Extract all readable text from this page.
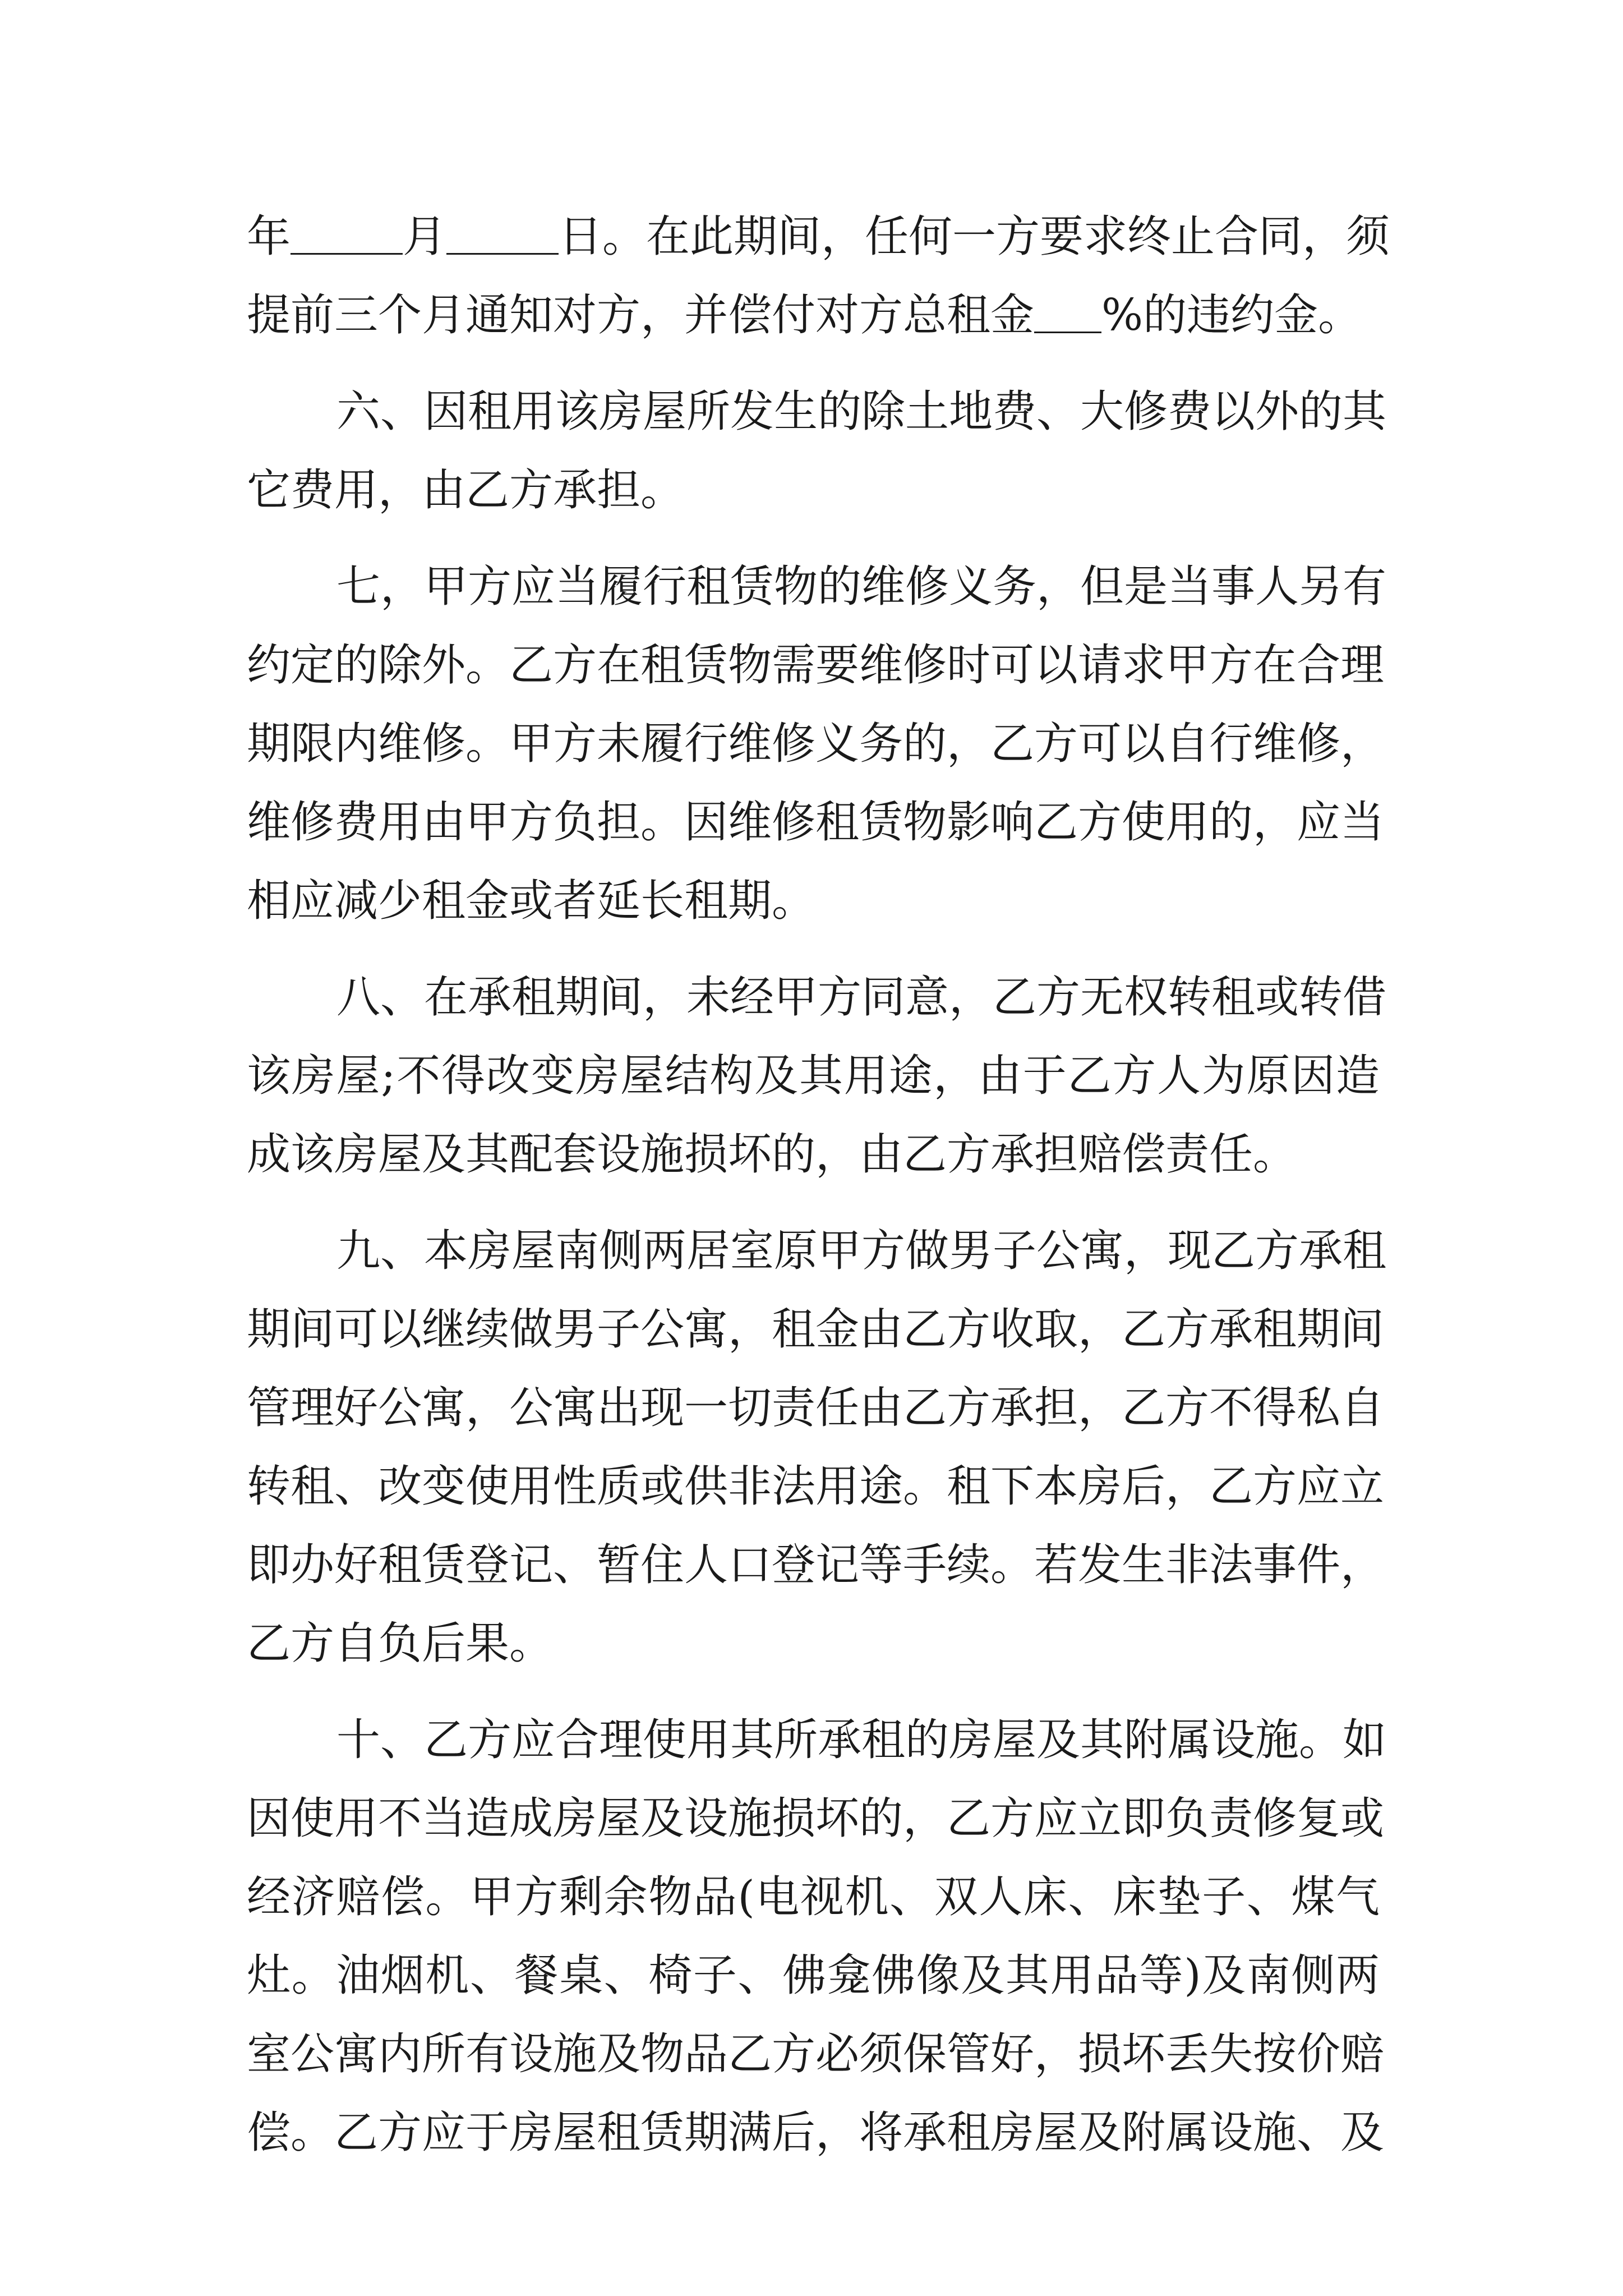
年	月	日。在此期间，任何一方要求终止合同，须
提前三个月通知对方，并偿付对方总租金 %的违约金。
六、因租用该房屋所发生的除土地费、大修费以外的其
它费用，由乙方承担。
七，甲方应当履行租赁物的维修义务，但是当事人另有
约定的除外。乙方在租赁物需要维修时可以请求甲方在合理
期限内维修。甲方未履行维修义务的，乙方可以自行维修，
维修费用由甲方负担。因维修租赁物影响乙方使用的，应当
相应减少租金或者延长租期。
八、在承租期间，未经甲方同意，乙方无权转租或转借
该房屋;不得改变房屋结构及其用途，由于乙方人为原因造
成该房屋及其配套设施损坏的，由乙方承担赔偿责任。
九、本房屋南侧两居室原甲方做男子公寓，现乙方承租
期间可以继续做男子公寓，租金由乙方收取，乙方承租期间
管理好公寓，公寓出现一切责任由乙方承担，乙方不得私自
转租、改变使用性质或供非法用途。租下本房后，乙方应立
即办好租赁登记、暂住人口登记等手续。若发生非法事件，
乙方自负后果。
十、乙方应合理使用其所承租的房屋及其附属设施。如
因使用不当造成房屋及设施损坏的，乙方应立即负责修复或
经济赔偿。甲方剩余物品(电视机、双人床、床垫子、煤气
灶。油烟机、餐桌、椅子、佛龛佛像及其用品等)及南侧两
室公寓内所有设施及物品乙方必须保管好，损坏丢失按价赔
偿。乙方应于房屋租赁期满后，将承租房屋及附属设施、及
